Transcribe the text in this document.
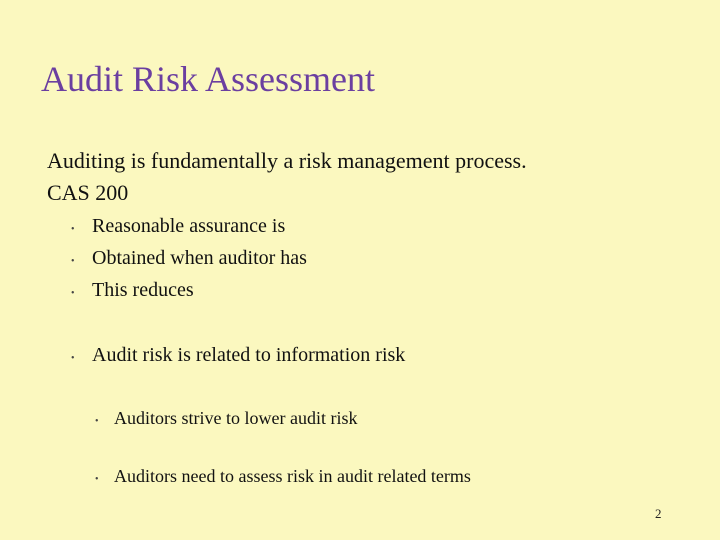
Audit Risk Assessment
Auditing is fundamentally a risk management process.
CAS 200
• Reasonable assurance is
• Obtained when auditor has
• This reduces
• Audit risk is related to information risk
• Auditors strive to lower audit risk
• Auditors need to assess risk in audit related terms
2
